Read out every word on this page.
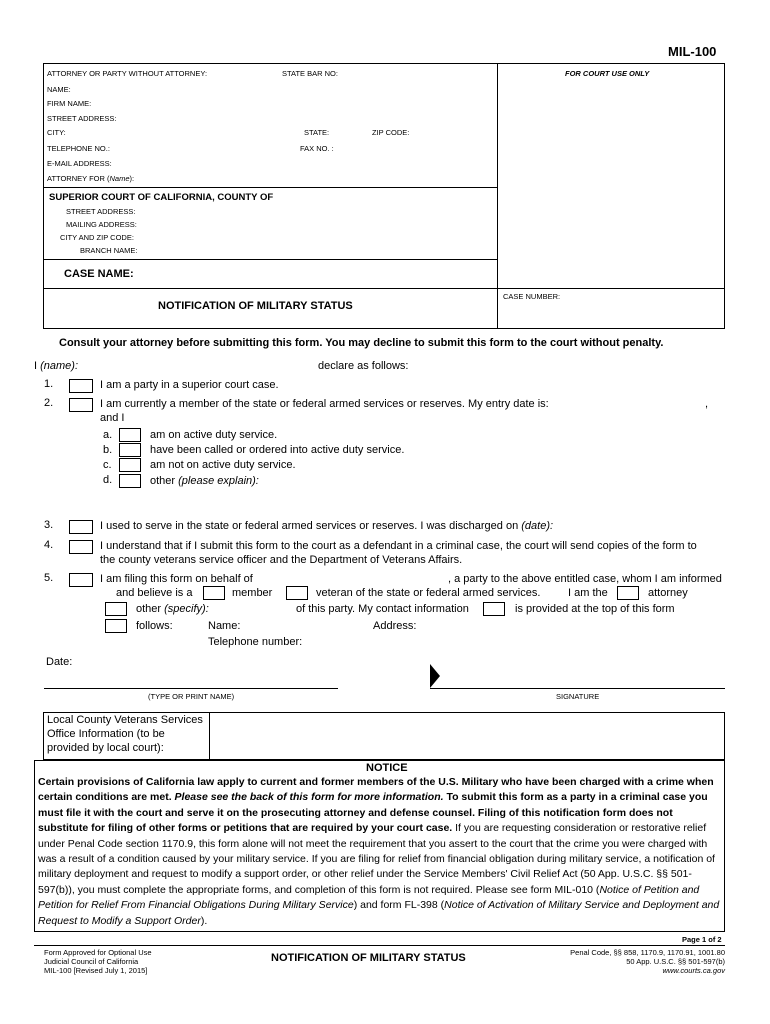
MIL-100
ATTORNEY OR PARTY WITHOUT ATTORNEY:	STATE BAR NO:	FOR COURT USE ONLY
NAME:
FIRM NAME:
STREET ADDRESS:
CITY:	STATE:	ZIP CODE:
TELEPHONE NO.:	FAX NO. :
E-MAIL ADDRESS:
ATTORNEY FOR (Name):
SUPERIOR COURT OF CALIFORNIA, COUNTY OF
STREET ADDRESS:
MAILING ADDRESS:
CITY AND ZIP CODE:
BRANCH NAME:
CASE NAME:
NOTIFICATION OF MILITARY STATUS
CASE NUMBER:
Consult your attorney before submitting this form. You may decline to submit this form to the court without penalty.
I (name):	declare as follows:
1.	I am a party in a superior court case.
2.	I am currently a member of the state or federal armed services or reserves. My entry date is:	,
and I
a.	am on active duty service.
b.	have been called or ordered into active duty service.
c.	am not on active duty service.
d.	other (please explain):
3.	I used to serve in the state or federal armed services or reserves. I was discharged on (date):
4.	I understand that if I submit this form to the court as a defendant in a criminal case, the court will send copies of the form to
the county veterans service officer and the Department of Veterans Affairs.
5.	I am filing this form on behalf of	, a party to the above entitled case, whom I am informed
and believe is a	member	veteran of the state or federal armed services.	I am the	attorney
other (specify):	of this party. My contact information	is provided at the top of this form
follows:	Name:	Address:
Telephone number:
Date:
(TYPE OR PRINT NAME)	SIGNATURE
Local County Veterans Services Office Information (to be provided by local court):
NOTICE

Certain provisions of California law apply to current and former members of the U.S. Military who have been charged with a crime when certain conditions are met. Please see the back of this form for more information. To submit this form as a party in a criminal case you must file it with the court and serve it on the prosecuting attorney and defense counsel. Filing of this notification form does not substitute for filing of other forms or petitions that are required by your court case. If you are requesting consideration or restorative relief under Penal Code section 1170.9, this form alone will not meet the requirement that you assert to the court that the crime you were charged with was a result of a condition caused by your military service. If you are filing for relief from financial obligation during military service, a notification of military deployment and request to modify a support order, or other relief under the Service Members' Civil Relief Act (50 App. U.S.C. §§ 501-597(b)), you must complete the appropriate forms, and completion of this form is not required. Please see form MIL-010 (Notice of Petition and Petition for Relief From Financial Obligations During Military Service) and form FL-398 (Notice of Activation of Military Service and Deployment and Request to Modify a Support Order).

Page 1 of 2
Form Approved for Optional Use
Judicial Council of California
MIL-100 [Revised July 1, 2015]
NOTIFICATION OF MILITARY STATUS	Penal Code, §§ 858, 1170.9, 1170.91, 1001.80
50 App. U.S.C. §§ 501-597(b)
www.courts.ca.gov
